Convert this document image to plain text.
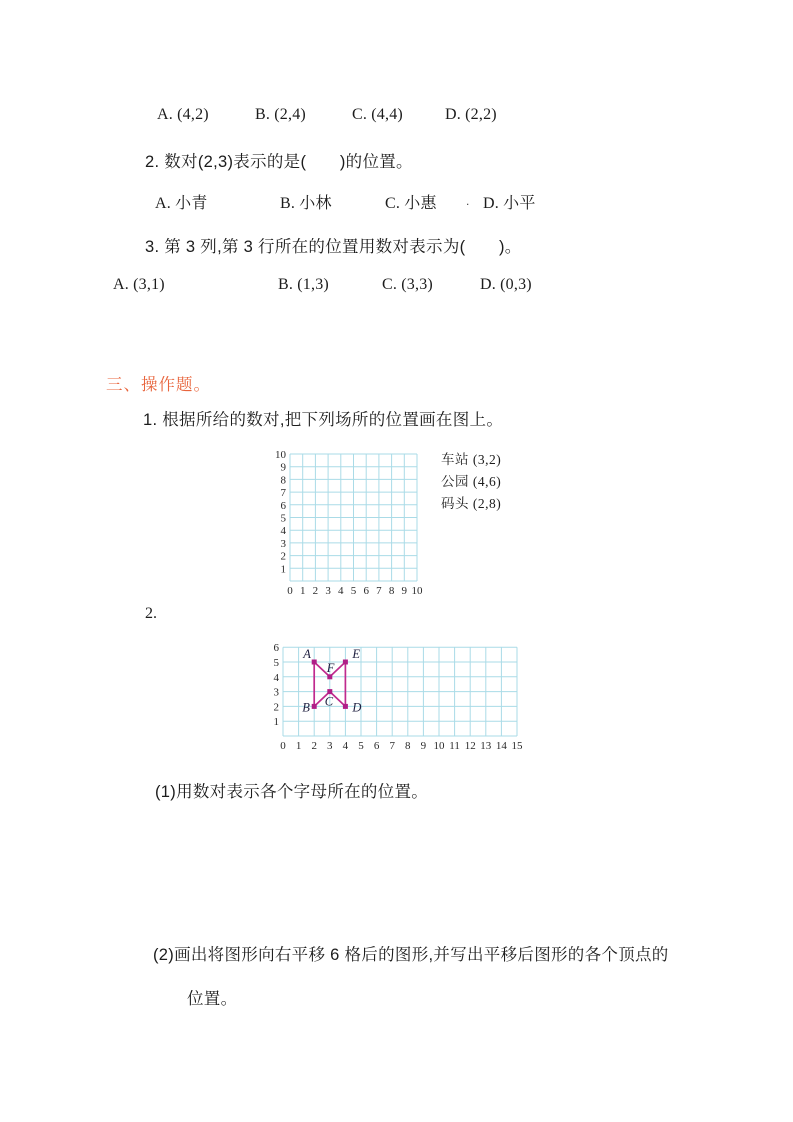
A. (4,2)	B. (2,4)	C. (4,4)	D. (2,2)
2. 数对(2,3)表示的是(　　)的位置。
A. 小青	B. 小林	C. 小惠 . D. 小平
3. 第 3 列,第 3 行所在的位置用数对表示为(　　)。
A. (3,1)	B. (1,3)	C. (3,3)	D. (0,3)
三、操作题。
1. 根据所给的数对,把下列场所的位置画在图上。
0 1 2 3 4 5 6 7 8 9 10
1
2
3
4
5
6
7
8
9
10	车站 (3,2)
公园 (4,6)
码头 (2,8)
2.
0 1 2 3 4 5 6 7 8 9 10 11 12 13 14 15
1
2
3
4
5
6 A	E
F
B C D
(1)用数对表示各个字母所在的位置。
(2)画出将图形向右平移 6 格后的图形,并写出平移后图形的各个顶点的
位置。
